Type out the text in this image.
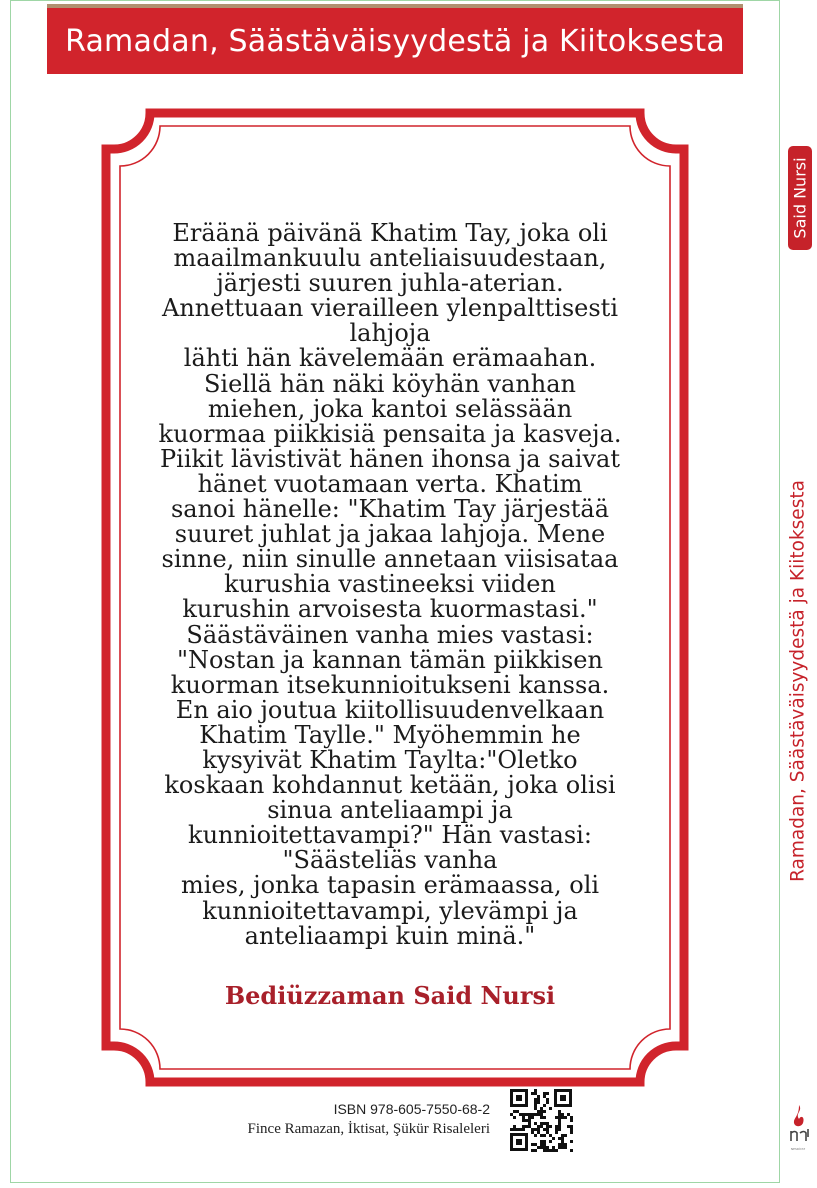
Ramadan, Säästäväisyydestä ja Kiitoksesta
Eräänä päivänä Khatim Tay, joka oli
maailmankuulu anteliaisuudestaan,
järjesti suuren juhla-aterian.
Annettuaan vierailleen ylenpalttisesti
lahjoja
lähti hän kävelemään erämaahan.
Siellä hän näki köyhän vanhan
miehen, joka kantoi selässään
kuormaa piikkisiä pensaita ja kasveja.
Piikit lävistivät hänen ihonsa ja saivat
hänet vuotamaan verta. Khatim
sanoi hänelle: "Khatim Tay järjestää
suuret juhlat ja jakaa lahjoja. Mene
sinne, niin sinulle annetaan viisisataa
kurushia vastineeksi viiden
kurushin arvoisesta kuormastasi."
Säästäväinen vanha mies vastasi:
"Nostan ja kannan tämän piikkisen
kuorman itsekunnioitukseni kanssa.
En aio joutua kiitollisuudenvelkaan
Khatim Taylle." Myöhemmin he
kysyivät Khatim Taylta:"Oletko
koskaan kohdannut ketään, joka olisi
sinua anteliaampi ja
kunnioitettavampi?" Hän vastasi:
"Säästeliäs vanha
mies, jonka tapasin erämaassa, oli
kunnioitettavampi, ylevämpi ja
anteliaampi kuin minä."
Bediüzzaman Said Nursi
Said Nursi
Ramadan, Säästäväisyydestä ja Kiitoksesta
ISBN 978-605-7550-68-2
Fince Ramazan, İktisat, Şükür Risaleleri
NESRİYAT
